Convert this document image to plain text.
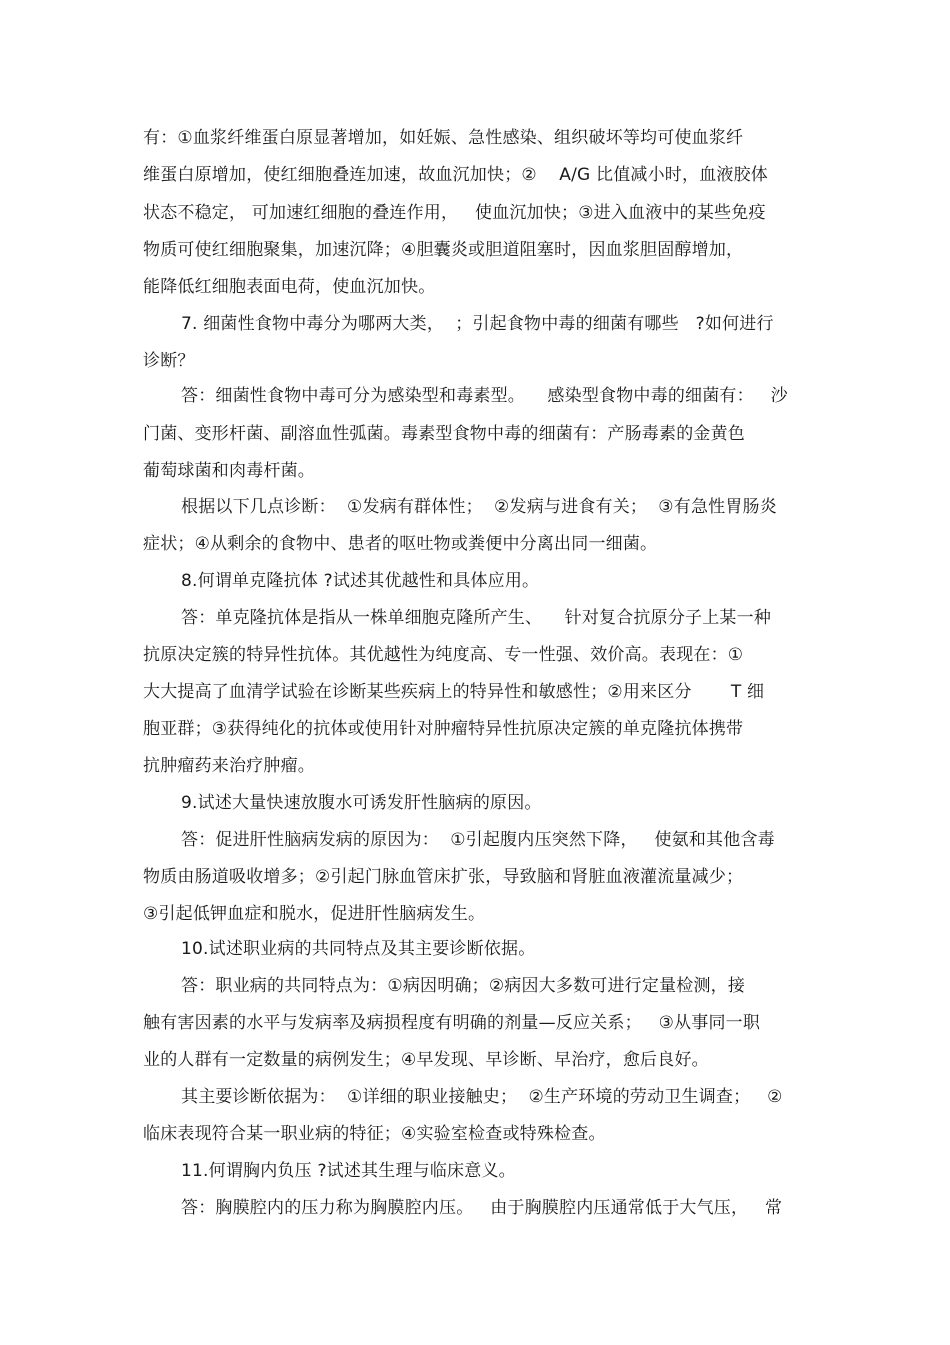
有：①血浆纤维蛋白原显著增加，如妊娠、急性感染、组织破坏等均可使血浆纤
维蛋白原增加，使红细胞叠连加速，故血沉加快；②    A/G 比值减小时，血液胶体
状态不稳定， 可加速红细胞的叠连作用，   使血沉加快；③进入血液中的某些免疫
物质可使红细胞聚集，加速沉降；④胆囊炎或胆道阻塞时，因血浆胆固醇增加，
能降低红细胞表面电荷，使血沉加快。
7. 细菌性食物中毒分为哪两大类，  ；引起食物中毒的细菌有哪些   ?如何进行
诊断？
答：细菌性食物中毒可分为感染型和毒素型。    感染型食物中毒的细菌有：   沙
门菌、变形杆菌、副溶血性弧菌。毒素型食物中毒的细菌有：产肠毒素的金黄色
葡萄球菌和肉毒杆菌。
根据以下几点诊断：  ①发病有群体性；  ②发病与进食有关；  ③有急性胃肠炎
症状；④从剩余的食物中、患者的呕吐物或粪便中分离出同一细菌。
8.何谓单克隆抗体 ?试述其优越性和具体应用。
答：单克隆抗体是指从一株单细胞克隆所产生、    针对复合抗原分子上某一种
抗原决定簇的特异性抗体。其优越性为纯度高、专一性强、效价高。表现在：①
大大提高了血清学试验在诊断某些疾病上的特异性和敏感性；②用来区分       T 细
胞亚群；③获得纯化的抗体或使用针对肿瘤特异性抗原决定簇的单克隆抗体携带
抗肿瘤药来治疗肿瘤。
9.试述大量快速放腹水可诱发肝性脑病的原因。
答：促进肝性脑病发病的原因为：  ①引起腹内压突然下降，   使氨和其他含毒
物质由肠道吸收增多；②引起门脉血管床扩张，导致脑和肾脏血液灌流量减少；
③引起低钾血症和脱水，促进肝性脑病发生。
10.试述职业病的共同特点及其主要诊断依据。
答：职业病的共同特点为：①病因明确；②病因大多数可进行定量检测，接
触有害因素的水平与发病率及病损程度有明确的剂量—反应关系；   ③从事同一职
业的人群有一定数量的病例发生；④早发现、早诊断、早治疗，愈后良好。
其主要诊断依据为：  ①详细的职业接触史；  ②生产环境的劳动卫生调查；   ②
临床表现符合某一职业病的特征；④实验室检查或特殊检查。
11.何谓胸内负压 ?试述其生理与临床意义。
答：胸膜腔内的压力称为胸膜腔内压。   由于胸膜腔内压通常低于大气压，   常
